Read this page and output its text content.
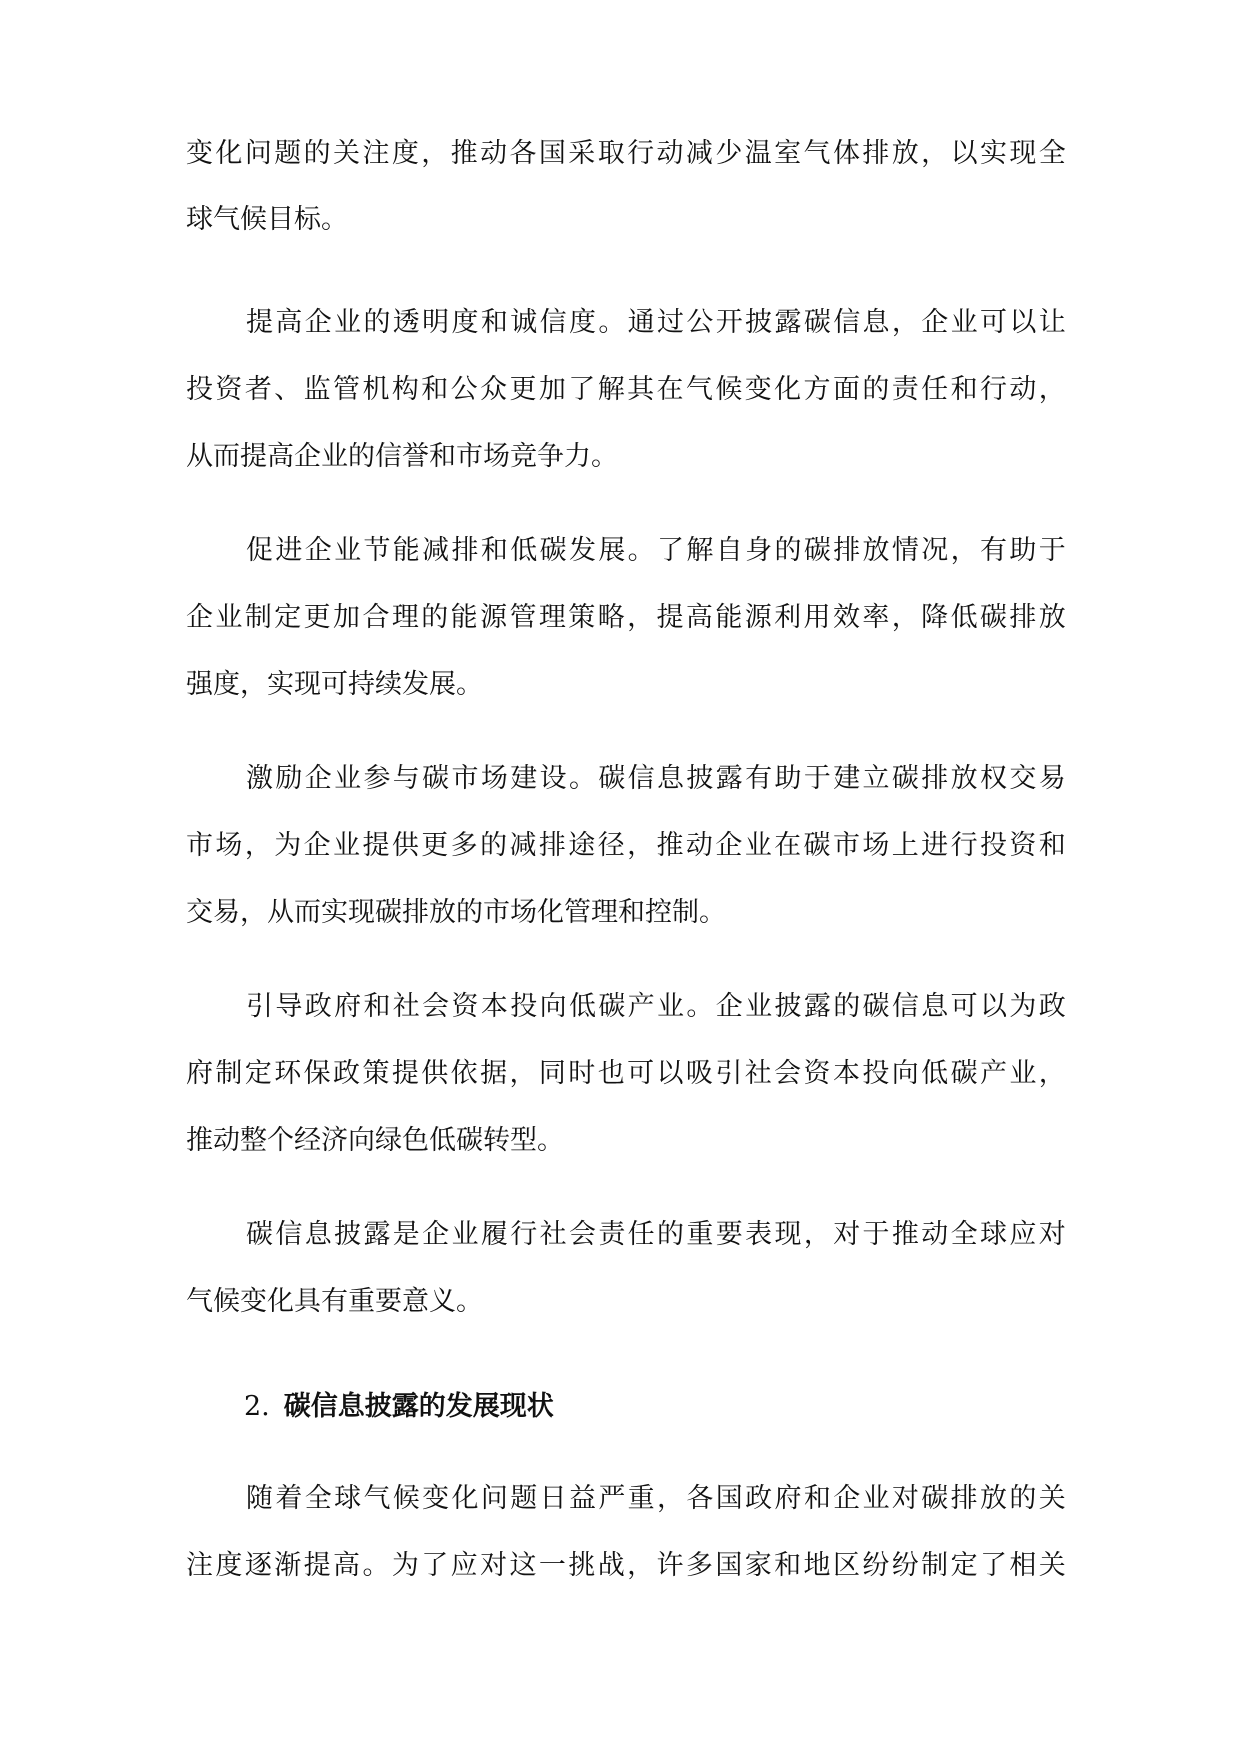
变 化 问 题 的 关 注 度 ， 推 动 各 国 采 取 行 动 减 少 温 室 气 体 排 放 ， 以 实 现 全
球气候目标。
提 高 企 业 的 透 明 度 和 诚 信 度 。 通 过 公 开 披 露 碳 信 息 ， 企 业 可 以 让
投 资 者 、 监 管 机 构 和 公 众 更 加 了 解 其 在 气 候 变 化 方 面 的 责 任 和 行 动 ，
从而提高企业的信誉和市场竞争力。
促 进 企 业 节 能 减 排 和 低 碳 发 展 。 了 解 自 身 的 碳 排 放 情 况 ， 有 助 于
企 业 制 定 更 加 合 理 的 能 源 管 理 策 略 ， 提 高 能 源 利 用 效 率 ， 降 低 碳 排 放
强度，实现可持续发展。
激 励 企 业 参 与 碳 市 场 建 设 。 碳 信 息 披 露 有 助 于 建 立 碳 排 放 权 交 易
市 场 ， 为 企 业 提 供 更 多 的 减 排 途 径 ， 推 动 企 业 在 碳 市 场 上 进 行 投 资 和
交易，从而实现碳排放的市场化管理和控制。
引 导 政 府 和 社 会 资 本 投 向 低 碳 产 业 。 企 业 披 露 的 碳 信 息 可 以 为 政
府 制 定 环 保 政 策 提 供 依 据 ， 同 时 也 可 以 吸 引 社 会 资 本 投 向 低 碳 产 业 ，
推动整个经济向绿色低碳转型。
碳 信 息 披 露 是 企 业 履 行 社 会 责 任 的 重 要 表 现 ， 对 于 推 动 全 球 应 对
气候变化具有重要意义。
2. 碳信息披露的发展现状
随 着 全 球 气 候 变 化 问 题 日 益 严 重 ， 各 国 政 府 和 企 业 对 碳 排 放 的 关
注 度 逐 渐 提 高 。 为 了 应 对 这 一 挑 战 ， 许 多 国 家 和 地 区 纷 纷 制 定 了 相 关
